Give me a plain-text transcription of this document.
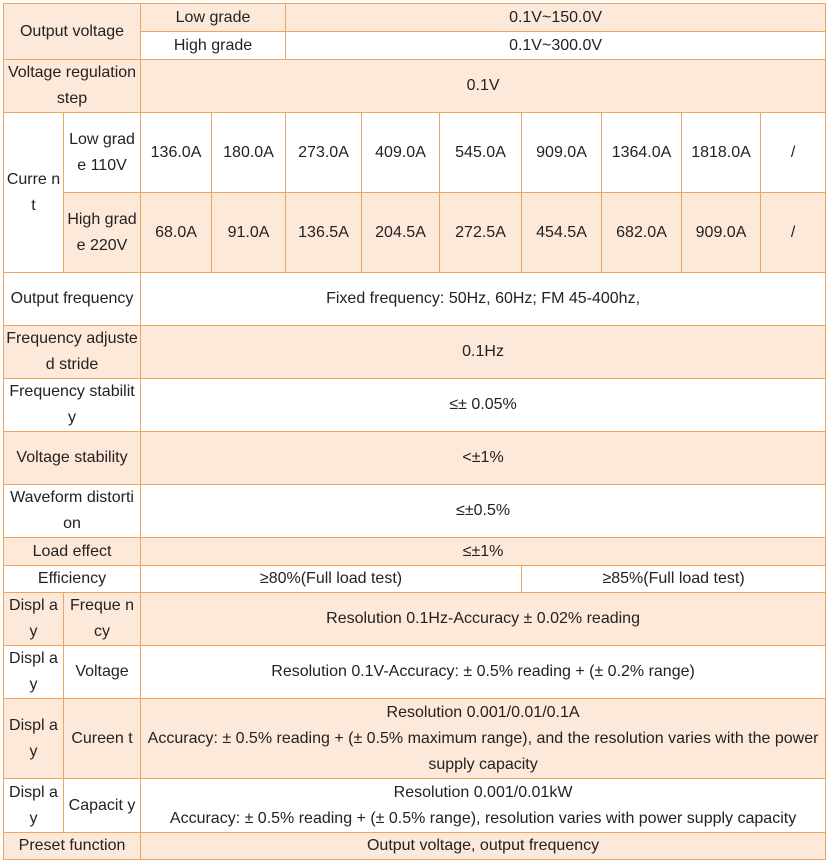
Output voltage		Low grade		0.1V~150.0V						
		High grade		0.1V~300.0V						
Voltage regulation step		0.1V								
Curre nt	Low grade 110V	136.0A	180.0A	273.0A	409.0A	545.0A	909.0A	1364.0A	1818.0A	/
	High grade 220V	68.0A	91.0A	136.5A	204.5A	272.5A	454.5A	682.0A	909.0A	/
Output frequency		Fixed frequency: 50Hz, 60Hz; FM 45-400hz,								
Frequency adjusted stride		0.1Hz								
Frequency stability		≤± 0.05%								
Voltage stability		<±1%								
Waveform distortion		≤±0.5%								
Load effect		≤±1%								
Efficiency		≥80%(Full load test)					≥85%(Full load test)			
Displ ay	Freque ncy	Resolution 0.1Hz-Accuracy ± 0.02% reading								
Displ ay	Voltage	Resolution 0.1V-Accuracy: ± 0.5% reading + (± 0.2% range)								
Displ ay	Cureen t	Resolution 0.001/0.01/0.1A
Accuracy: ± 0.5% reading + (± 0.5% maximum range), and the resolution varies with the power supply capacity								

Displ ay	Capacit y	Resolution 0.001/0.01kW
Accuracy: ± 0.5% reading + (± 0.5% range), resolution varies with power supply capacity								

Preset function		Output voltage, output frequency								
